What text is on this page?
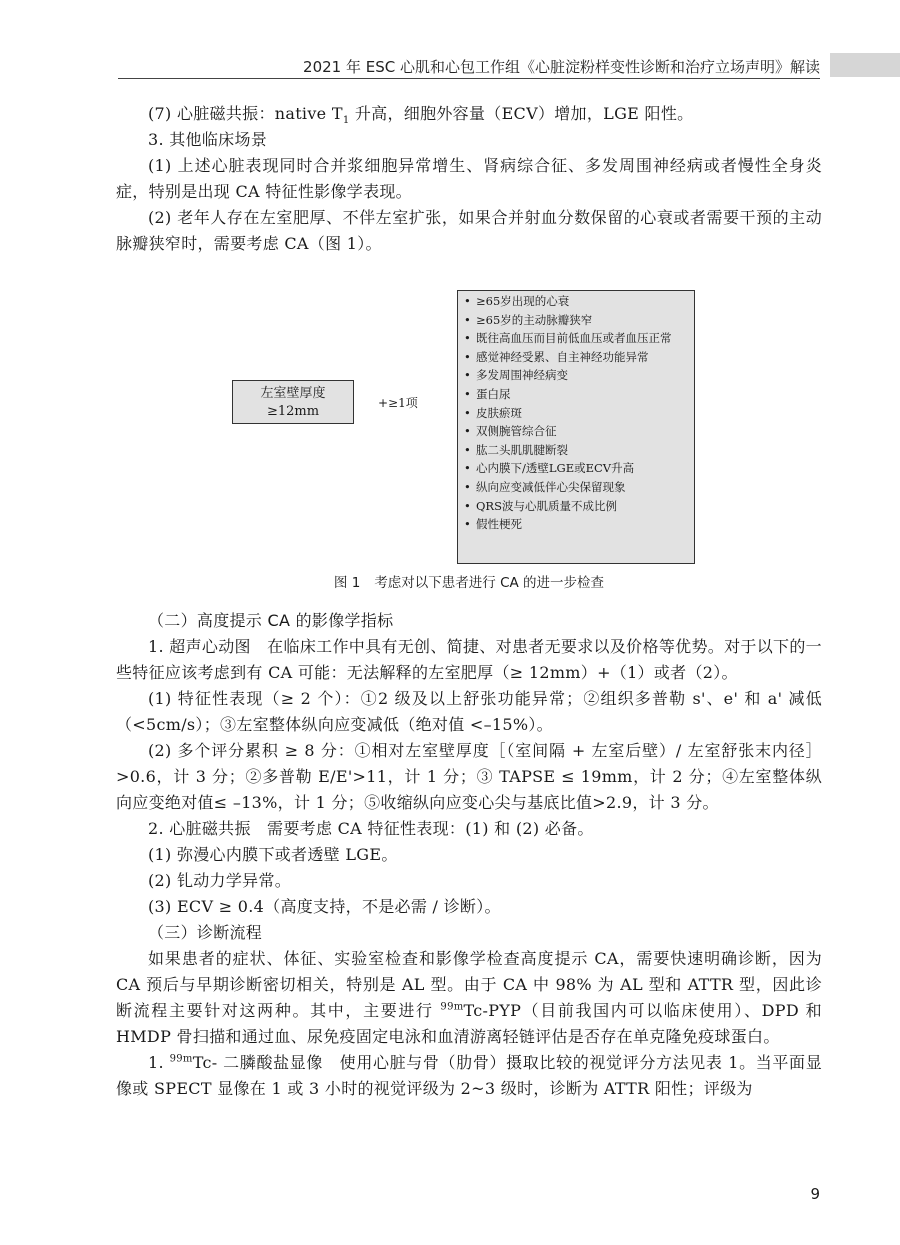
2021 年 ESC 心肌和心包工作组《心脏淀粉样变性诊断和治疗立场声明》解读

(7) 心脏磁共振：native $T_1$ 升高，细胞外容量（ECV）增加，LGE 阳性。

3. 其他临床场景

(1) 上述心脏表现同时合并浆细胞异常增生、肾病综合征、多发周围神经病或者慢性全身炎症，特别是出现 CA 特征性影像学表现。

(2) 老年人存在左室肥厚、不伴左室扩张，如果合并射血分数保留的心衰或者需要干预的主动脉瓣狭窄时，需要考虑 CA（图 1）。

左室壁厚度
≥12mm
+≥1项
• ≥65岁出现的心衰
• ≥65岁的主动脉瓣狭窄
• 既往高血压而目前低血压或者血压正常
• 感觉神经受累、自主神经功能异常
• 多发周围神经病变
• 蛋白尿
• 皮肤瘀斑
• 双侧腕管综合征
• 肱二头肌肌腱断裂
• 心内膜下/透壁LGE或ECV升高
• 纵向应变减低伴心尖保留现象
• QRS波与心肌质量不成比例
• 假性梗死
图 1 考虑对以下患者进行 CA 的进一步检查

（二）高度提示 CA 的影像学指标

1. 超声心动图　在临床工作中具有无创、简捷、对患者无要求以及价格等优势。对于以下的一些特征应该考虑到有 CA 可能：无法解释的左室肥厚（≥ 12mm）+（1）或者（2）。

(1) 特征性表现（≥ 2 个）：①2 级及以上舒张功能异常；②组织多普勒 s'、e' 和 a' 减低（<5cm/s）；③左室整体纵向应变减低（绝对值 <–15%）。

(2) 多个评分累积 ≥ 8 分：①相对左室壁厚度［（室间隔 + 左室后壁）/ 左室舒张末内径］>0.6，计 3 分；②多普勒 E/E'>11，计 1 分；③ TAPSE ≤ 19mm，计 2 分；④左室整体纵向应变绝对值≤ –13%，计 1 分；⑤收缩纵向应变心尖与基底比值>2.9，计 3 分。

2. 心脏磁共振　需要考虑 CA 特征性表现：(1) 和 (2) 必备。

(1) 弥漫心内膜下或者透壁 LGE。

(2) 钆动力学异常。

(3) ECV ≥ 0.4（高度支持，不是必需 / 诊断）。

（三）诊断流程

如果患者的症状、体征、实验室检查和影像学检查高度提示 CA，需要快速明确诊断，因为 CA 预后与早期诊断密切相关，特别是 AL 型。由于 CA 中 98% 为 AL 型和 ATTR 型，因此诊断流程主要针对这两种。其中，主要进行 $^{99m}$Tc-PYP（目前我国内可以临床使用）、DPD 和 HMDP 骨扫描和通过血、尿免疫固定电泳和血清游离轻链评估是否存在单克隆免疫球蛋白。

1. $^{99m}$Tc- 二膦酸盐显像　使用心脏与骨（肋骨）摄取比较的视觉评分方法见表 1。当平面显像或 SPECT 显像在 1 或 3 小时的视觉评级为 2~3 级时，诊断为 ATTR 阳性；评级为

9
